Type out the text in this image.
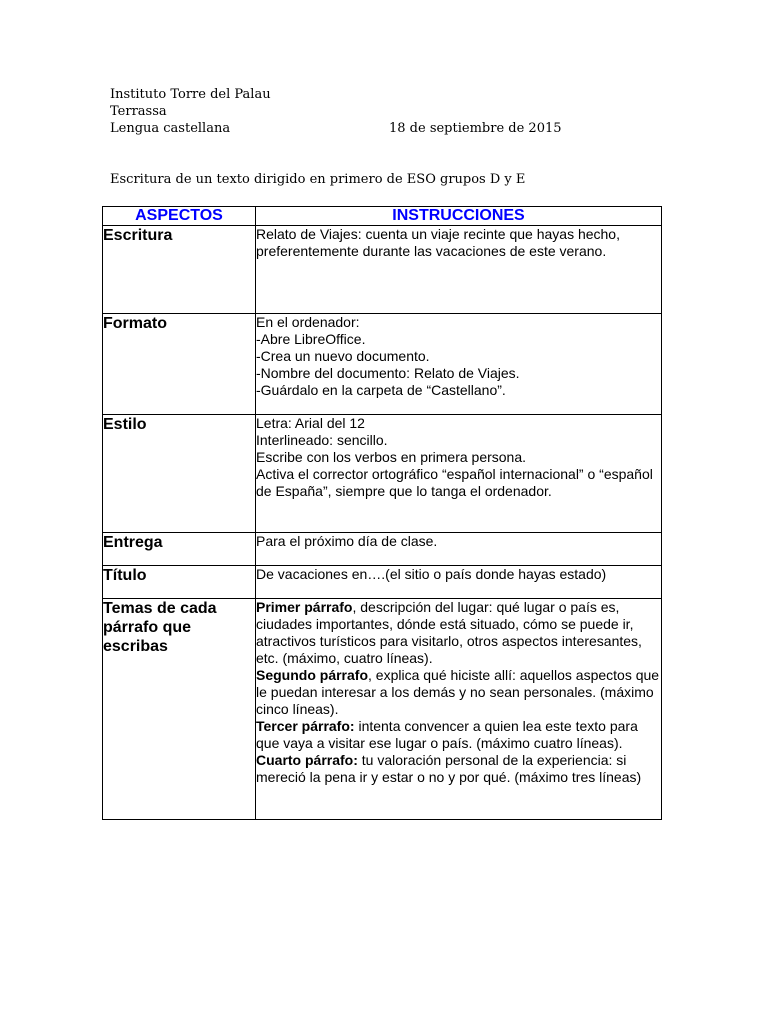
Instituto Torre del Palau
Terrassa
Lengua castellana	18 de septiembre de 2015
Escritura de un texto dirigido en primero de ESO grupos D y E
ASPECTOS	INSTRUCCIONES
Escritura	Relato de Viajes: cuenta un viaje recinte que hayas hecho, preferentemente durante las vacaciones de este verano.

Formato	En el ordenador:
-Abre LibreOffice.
-Crea un nuevo documento.
-Nombre del documento: Relato de Viajes.
-Guárdalo en la carpeta de “Castellano”.

Estilo	Letra: Arial del 12
Interlineado: sencillo.
Escribe con los verbos en primera persona.
Activa el corrector ortográfico “español internacional” o “español de España”, siempre que lo tanga el ordenador.

Entrega	Para el próximo día de clase.

Título	De vacaciones en….(el sitio o país donde hayas estado)

Temas de cada párrafo que escribas	Primer párrafo, descripción del lugar: qué lugar o país es, ciudades importantes, dónde está situado, cómo se puede ir, atractivos turísticos para visitarlo, otros aspectos interesantes, etc. (máximo, cuatro líneas).
Segundo párrafo, explica qué hiciste allí: aquellos aspectos que le puedan interesar a los demás y no sean personales. (máximo cinco líneas).
Tercer párrafo: intenta convencer a quien lea este texto para que vaya a visitar ese lugar o país. (máximo cuatro líneas).
Cuarto párrafo: tu valoración personal de la experiencia: si mereció la pena ir y estar o no y por qué. (máximo tres líneas)
